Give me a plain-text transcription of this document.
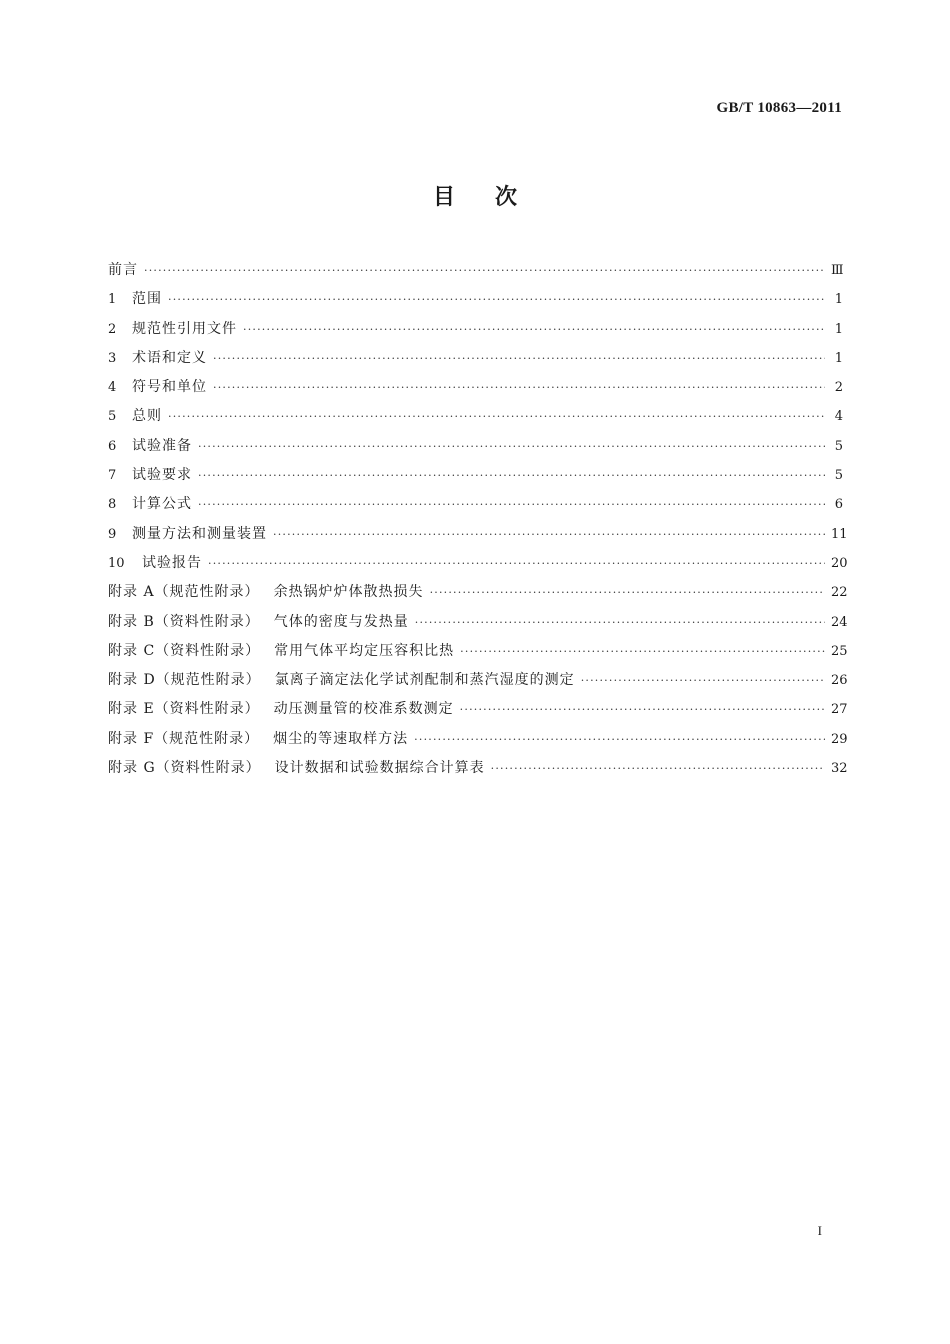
GB/T 10863—2011
目次
前言 ·····	Ⅲ
1	范围 ·····	1
2	规范性引用文件 ·····	1
3	术语和定义 ·····	1
4	符号和单位 ·····	2
5	总则 ·····	4
6	试验准备 ·····	5
7	试验要求 ·····	5
8	计算公式 ·····	6
9	测量方法和测量装置 ·····	11
10	试验报告 ·····	20
附录 A（规范性附录） 余热锅炉炉体散热损失 ·····	22
附录 B（资料性附录） 气体的密度与发热量 ·····	24
附录 C（资料性附录） 常用气体平均定压容积比热 ·····	25
附录 D（规范性附录） 氯离子滴定法化学试剂配制和蒸汽湿度的测定 ·····	26
附录 E（资料性附录） 动压测量管的校准系数测定 ·····	27
附录 F（规范性附录） 烟尘的等速取样方法 ·····	29
附录 G（资料性附录） 设计数据和试验数据综合计算表 ·····	32
I
